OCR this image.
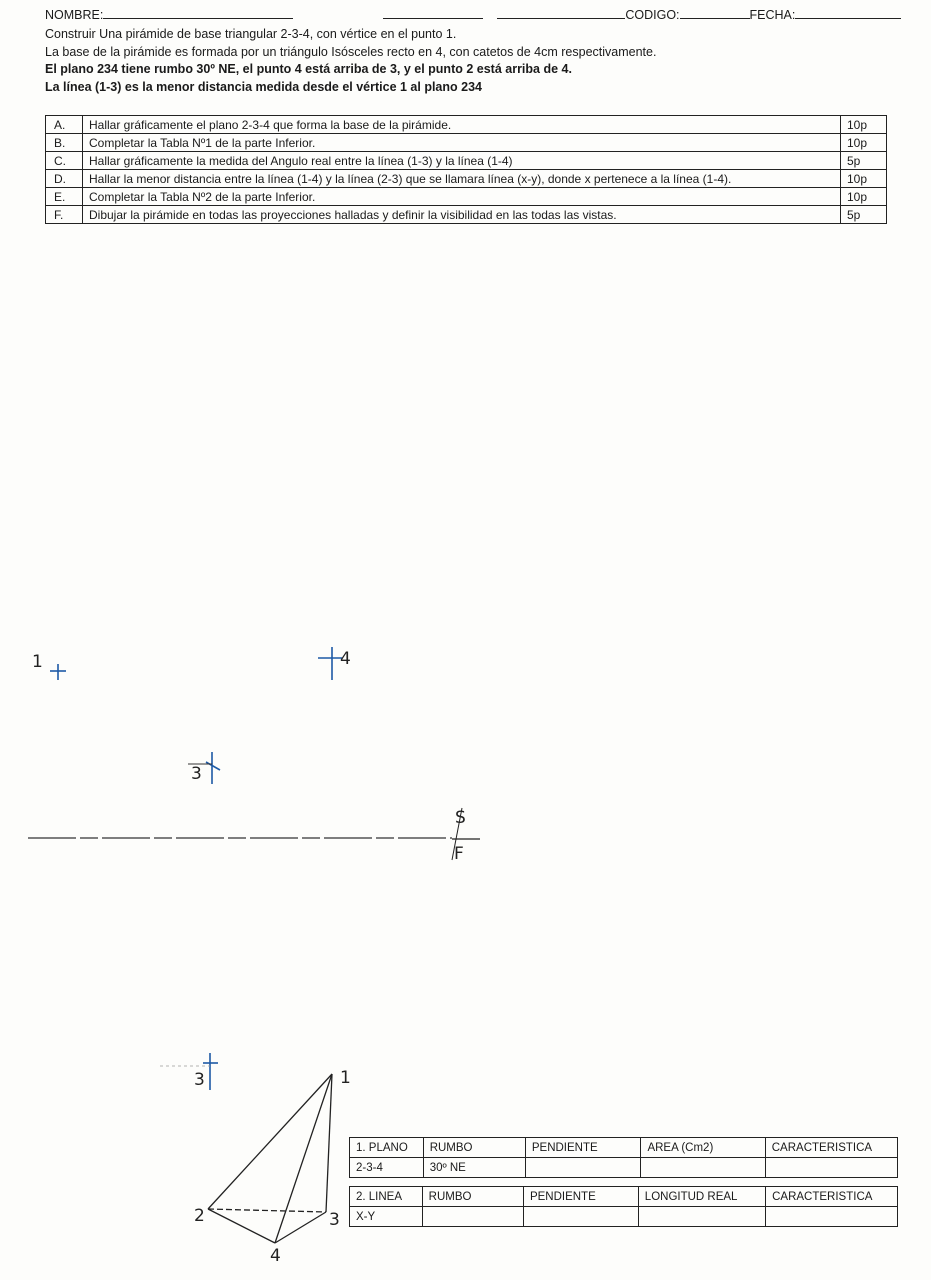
NOMBRE:	CODIGO:	FECHA:
Construir Una pirámide de base triangular 2-3-4, con vértice en el punto 1.
La base de la pirámide es formada por un triángulo Isósceles recto en 4, con catetos de 4cm respectivamente.
El plano 234 tiene rumbo 30º NE, el punto 4 está arriba de 3, y el punto 2 está arriba de 4.
La línea (1-3) es la menor distancia medida desde el vértice 1 al plano 234
A.	Hallar gráficamente el plano 2-3-4 que forma la base de la pirámide.	10p
B.	Completar la Tabla Nº1 de la parte Inferior.	10p
C.	Hallar gráficamente la medida del Angulo real entre la línea (1-3) y la línea (1-4)	5p
D.	Hallar la menor distancia entre la línea (1-4) y la línea (2-3) que se llamara línea (x-y), donde x pertenece a la línea (1-4).	10p
E.	Completar la Tabla Nº2 de la parte Inferior.	10p
F.	Dibujar la pirámide en todas las proyecciones halladas y definir la visibilidad en las todas las vistas.	5p
1	4
3
S
F
3	1
2	3
4
1. PLANO	RUMBO	PENDIENTE	AREA (Cm2)	CARACTERISTICA
2-3-4	30º NE			
2. LINEA	RUMBO	PENDIENTE	LONGITUD REAL	CARACTERISTICA
X-Y				
